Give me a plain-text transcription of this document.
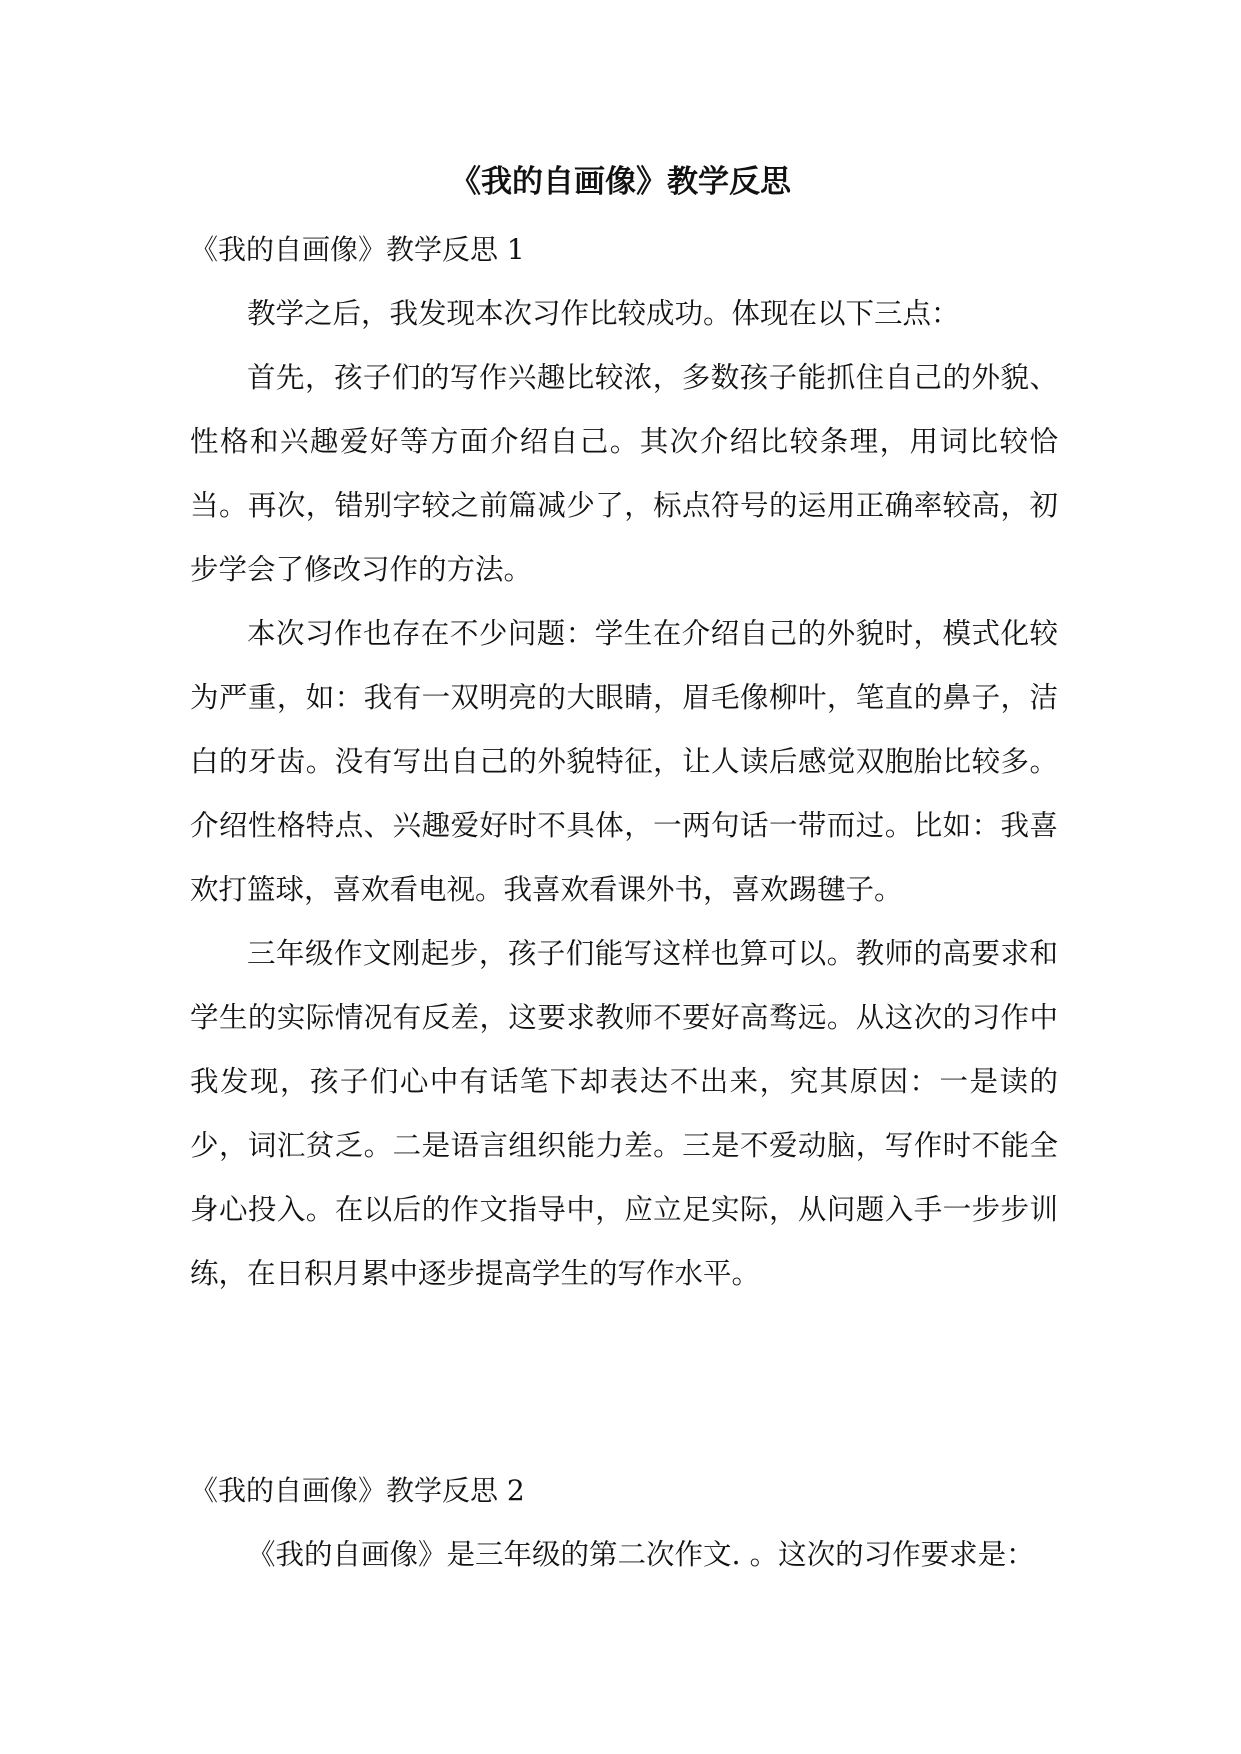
《我的自画像》教学反思
《我的自画像》教学反思 1

教学之后，我发现本次习作比较成功。体现在以下三点：

首先，孩子们的写作兴趣比较浓，多数孩子能抓住自己的外貌、性格和兴趣爱好等方面介绍自己。其次介绍比较条理，用词比较恰当。再次，错别字较之前篇减少了，标点符号的运用正确率较高，初步学会了修改习作的方法。

本次习作也存在不少问题：学生在介绍自己的外貌时，模式化较为严重，如：我有一双明亮的大眼睛，眉毛像柳叶，笔直的鼻子，洁白的牙齿。没有写出自己的外貌特征，让人读后感觉双胞胎比较多。介绍性格特点、兴趣爱好时不具体，一两句话一带而过。比如：我喜欢打篮球，喜欢看电视。我喜欢看课外书，喜欢踢毽子。

三年级作文刚起步，孩子们能写这样也算可以。教师的高要求和学生的实际情况有反差，这要求教师不要好高骛远。从这次的习作中我发现，孩子们心中有话笔下却表达不出来，究其原因：一是读的少，词汇贫乏。二是语言组织能力差。三是不爱动脑，写作时不能全身心投入。在以后的作文指导中，应立足实际，从问题入手一步步训练，在日积月累中逐步提高学生的写作水平。

《我的自画像》教学反思 2

《我的自画像》是三年级的第二次作文. 。这次的习作要求是：
